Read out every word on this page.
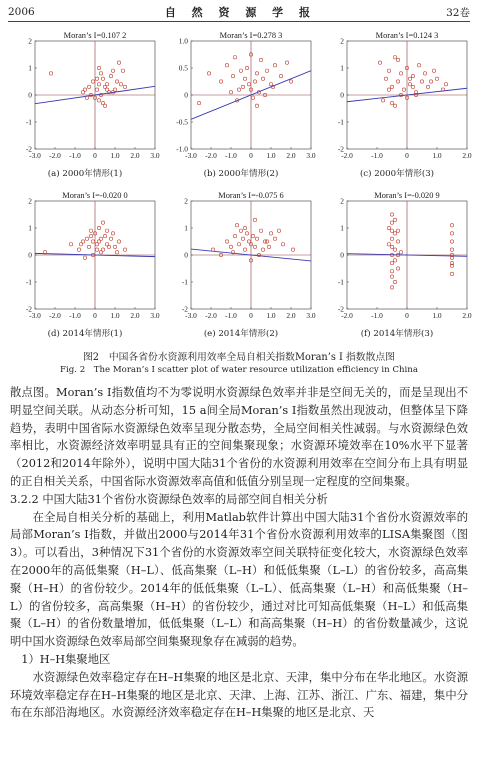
2006	自 然 资 源 学 报	32卷
Moran’s I=0.107 2
-3.0 -2.0 -1.0 0 1.0 2.0 3.0
2
1
0
-1
-2
(a) 2000年情形(1)
Moran’s I=0.278 3
-3.0 -2.0 -1.0 0 1.0 2.0 3.0
1.0
0.5
0
-0.5
-1.0
(b) 2000年情形(2)
Moran’s I=0.124 3
-2.0 -1.0	0	1.0	2.0
2
1
0
-1
-2
(c) 2000年情形(3)
Moran’s I=-0.020 0
-3.0 -2.0 -1.0 0 1.0 2.0 3.0
2
1
0
-1
-2
(d) 2014年情形(1)
Moran’s I=-0.075 6
-3.0 -2.0 -1.0 0 1.0 2.0 3.0
2
1
0
-1
-2
(e) 2014年情形(2)
Moran’s I=-0.020 9
-2.0 -1.0	0	1.0	2.0
2
1
0
-1
-2
(f) 2014年情形(3)
图2　中国各省份水资源利用效率全局自相关指数Moran’s I 指数散点图
Fig. 2　The Moran’s I scatter plot of water resource utilization efficiency in China

散点图。Moran’s I指数值均不为零说明水资源绿色效率并非是空间无关的，而是呈现出不明显空间关联。从动态分析可知，15 a间全局Moran’s I指数虽然出现波动，但整体呈下降趋势，表明中国省际水资源绿色效率呈现分散态势，全局空间相关性减弱。与水资源绿色效率相比，水资源经济效率明显具有正的空间集聚现象；水资源环境效率在10%水平下显著（2012和2014年除外），说明中国大陆31个省份的水资源利用效率在空间分布上具有明显的正自相关关系，中国省际水资源效率高值和低值分别呈现一定程度的空间集聚。

3.2.2 中国大陆31个省份水资源绿色效率的局部空间自相关分析

在全局自相关分析的基础上，利用Matlab软件计算出中国大陆31个省份水资源效率的局部Moran’s I指数，并做出2000与2014年31个省份水资源利用效率的LISA集聚图（图3）。可以看出，3种情况下31个省份的水资源效率空间关联特征变化较大，水资源绿色效率在2000年的高低集聚（H–L）、低高集聚（L–H）和低低集聚（L–L）的省份较多，高高集聚（H–H）的省份较少。2014年的低低集聚（L–L）、低高集聚（L–H）和高低集聚（H–L）的省份较多，高高集聚（H–H）的省份较少，通过对比可知高低集聚（H–L）和低高集聚（L–H）的省份数量增加，低低集聚（L–L）和高高集聚（H–H）的省份数量减少，这说明中国水资源绿色效率局部空间集聚现象存在减弱的趋势。

1）H–H集聚地区

水资源绿色效率稳定存在H–H集聚的地区是北京、天津，集中分布在华北地区。水资源环境效率稳定存在H–H集聚的地区是北京、天津、上海、江苏、浙江、广东、福建，集中分布在东部沿海地区。水资源经济效率稳定存在H–H集聚的地区是北京、天
